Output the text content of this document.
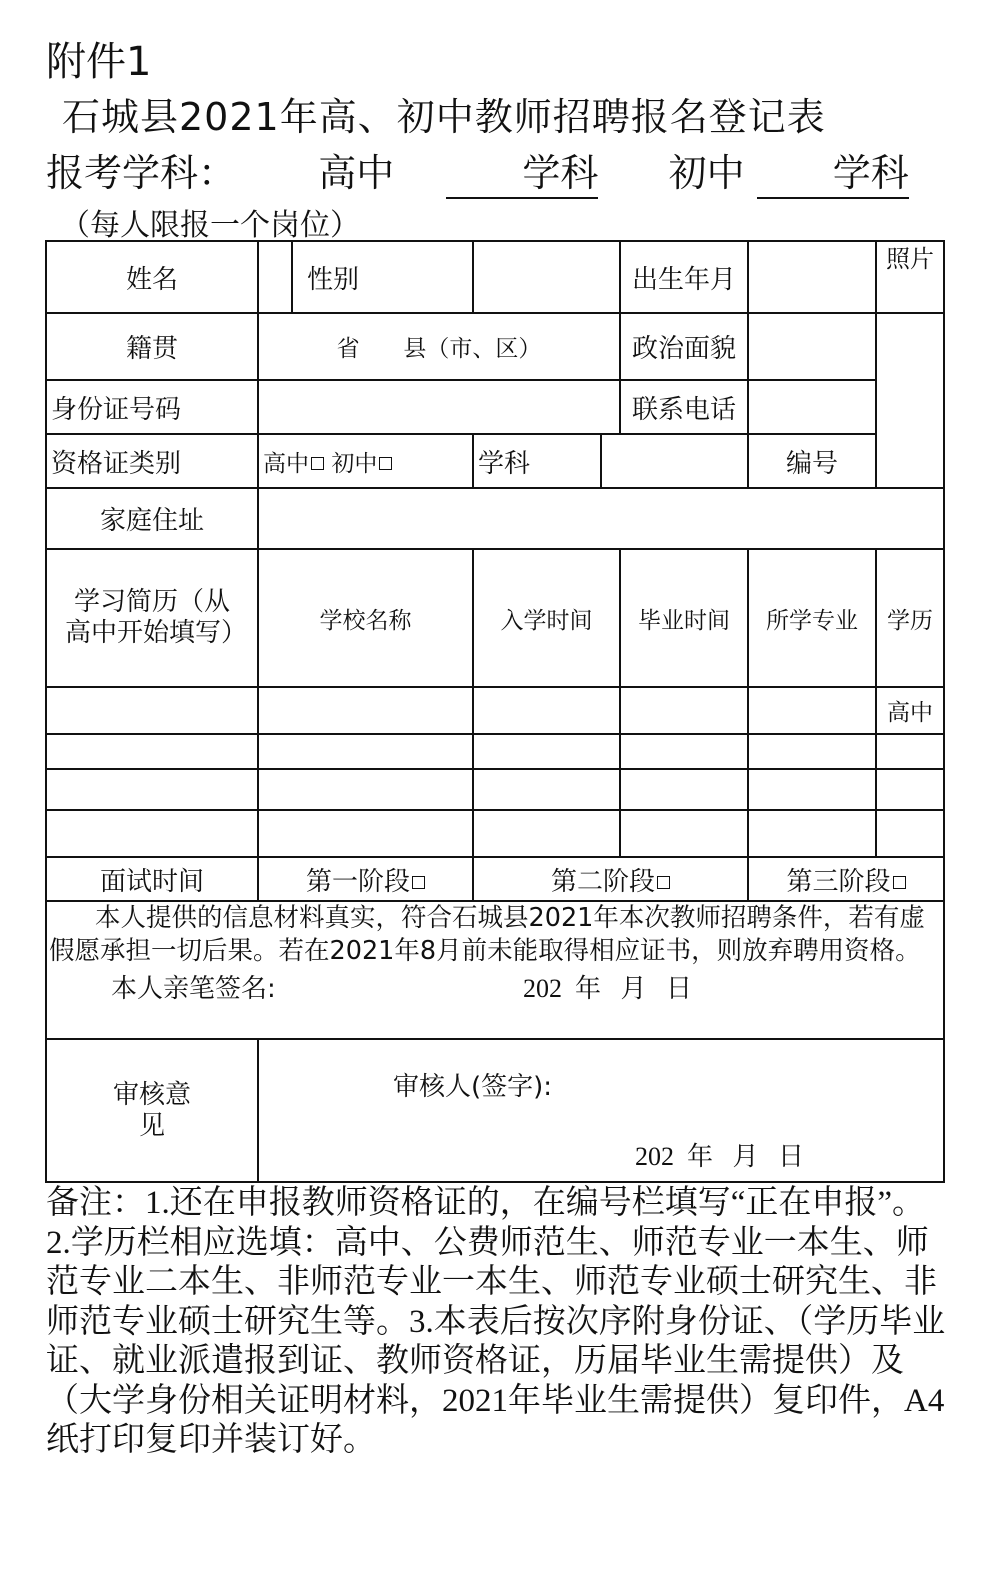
附件1
石城县2021年高、初中教师招聘报名登记表
报考学科： 高中	学科 初中 学科
（每人限报一个岗位）
姓名		性别			出生年月		照片	
籍贯	省      县（市、区）				政治面貌			
身份证号码					联系电话			
资格证类别	高中 初中		学科			编号		
家庭住址								
学习简历（从高中开始填写）	学校名称		入学时间		毕业时间	所学专业	学历	
							高中	

面试时间	第一阶段		第二阶段			第三阶段		

本人提供的信息材料真实，符合石城县2021年本次教师招聘条件，若有虚假愿承担一切后果。若在2021年8月前未能取得相应证书，则放弃聘用资格。
本人亲笔签名: 202  年   月   日								

审核意见	审核人(签字):
202  年   月   日							
备注：1.还在申报教师资格证的，在编号栏填写“正在申报”。 2.学历栏相应选填：高中、公费师范生、师范专业一本生、师范专业二本生、非师范专业一本生、师范专业硕士研究生、非师范专业硕士研究生等。3.本表后按次序附身份证、（学历毕业证、就业派遣报到证、教师资格证，历届毕业生需提供）及（大学身份相关证明材料，2021年毕业生需提供）复印件，A4纸打印复印并装订好。
